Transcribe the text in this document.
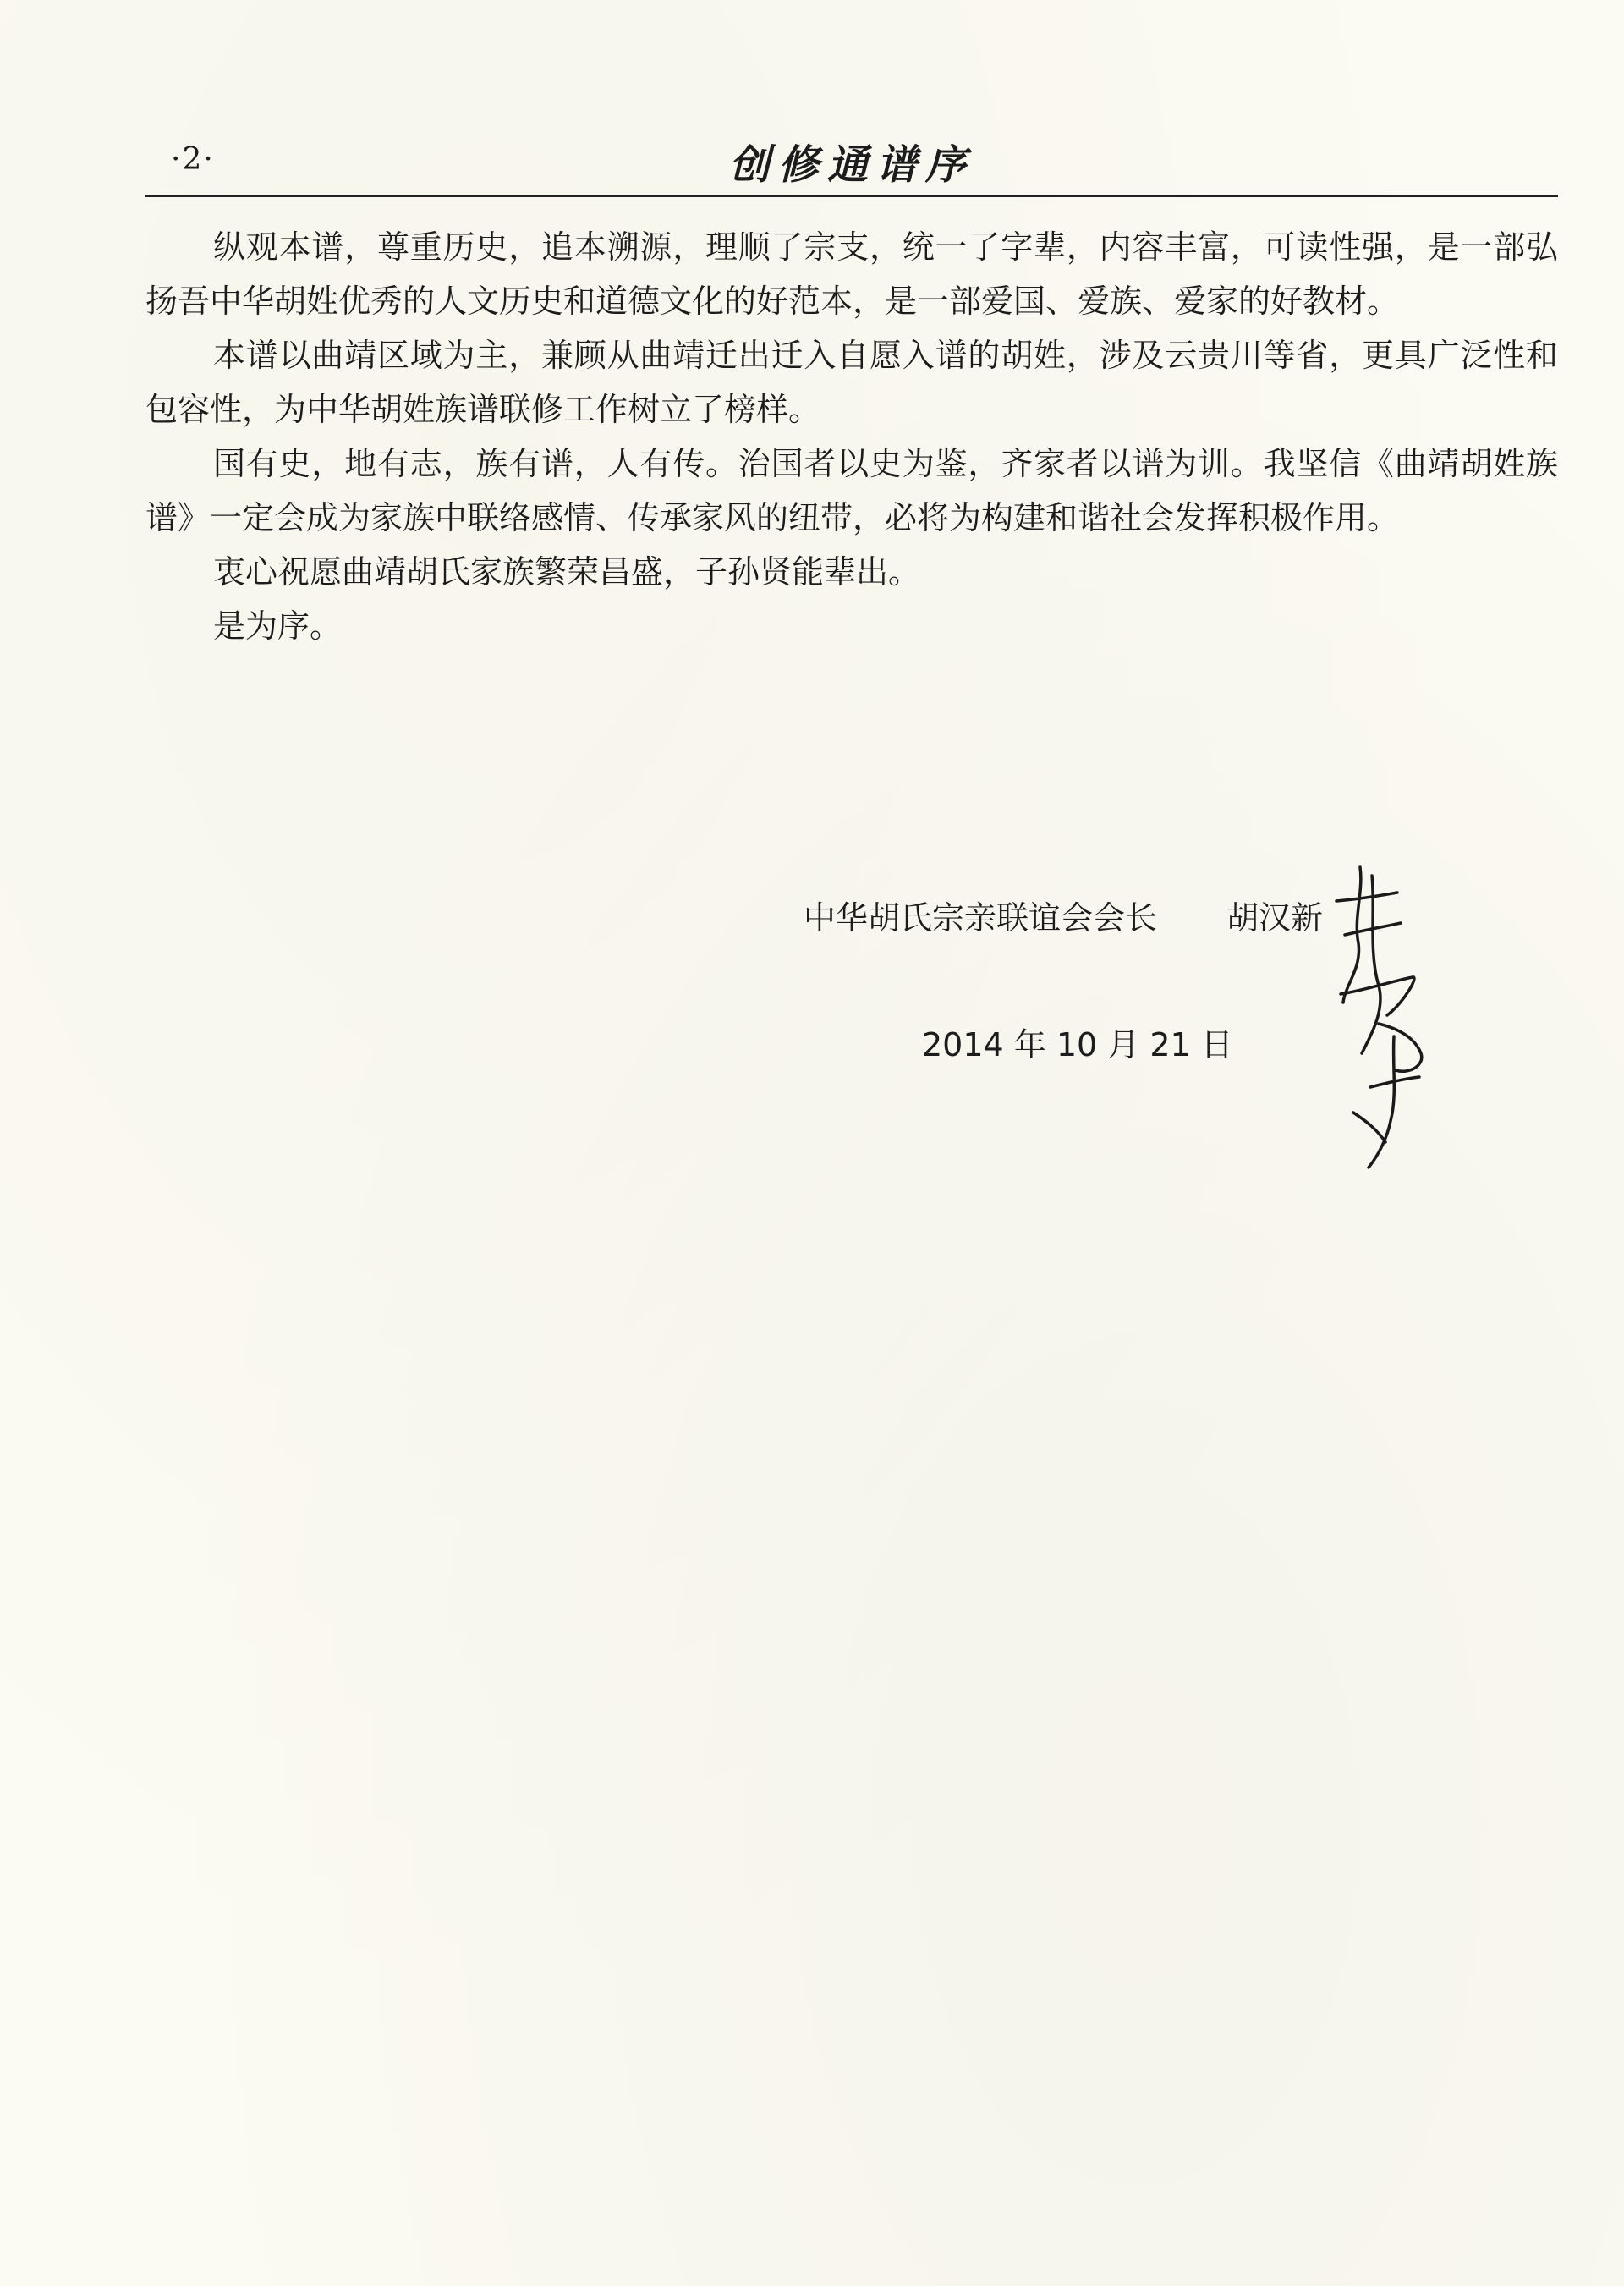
·2·	创修通谱序

纵观本谱，尊重历史，追本溯源，理顺了宗支，统一了字辈，内容丰富，可读性强，是一部弘扬吾中华胡姓优秀的人文历史和道德文化的好范本，是一部爱国、爱族、爱家的好教材。

本谱以曲靖区域为主，兼顾从曲靖迁出迁入自愿入谱的胡姓，涉及云贵川等省，更具广泛性和包容性，为中华胡姓族谱联修工作树立了榜样。

国有史，地有志，族有谱，人有传。治国者以史为鉴，齐家者以谱为训。我坚信《曲靖胡姓族谱》一定会成为家族中联络感情、传承家风的纽带，必将为构建和谐社会发挥积极作用。

衷心祝愿曲靖胡氏家族繁荣昌盛，子孙贤能辈出。

是为序。

中华胡氏宗亲联谊会会长 胡汉新
2014 年 10 月 21 日
